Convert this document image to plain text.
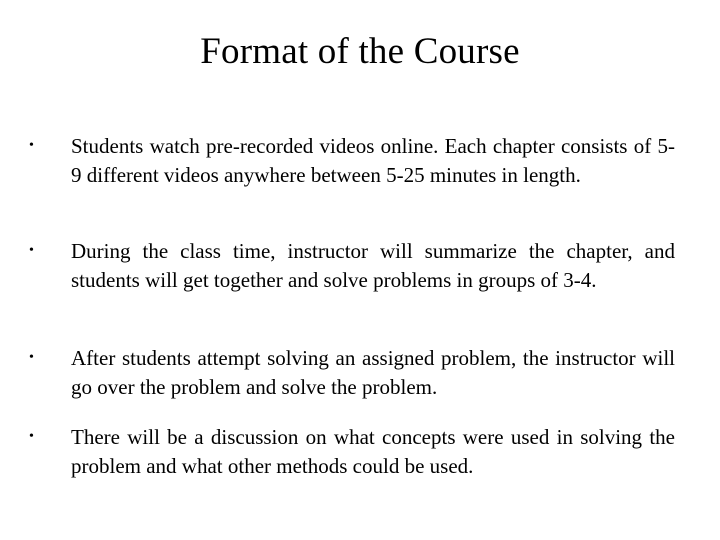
Format of the Course
• Students watch pre-recorded videos online. Each chapter consists of 5-9 different videos anywhere between 5-25 minutes in length.
• During the class time, instructor will summarize the chapter, and students will get together and solve problems in groups of 3-4.
• After students attempt solving an assigned problem, the instructor will go over the problem and solve the problem.
• There will be a discussion on what concepts were used in solving the problem and what other methods could be used.
